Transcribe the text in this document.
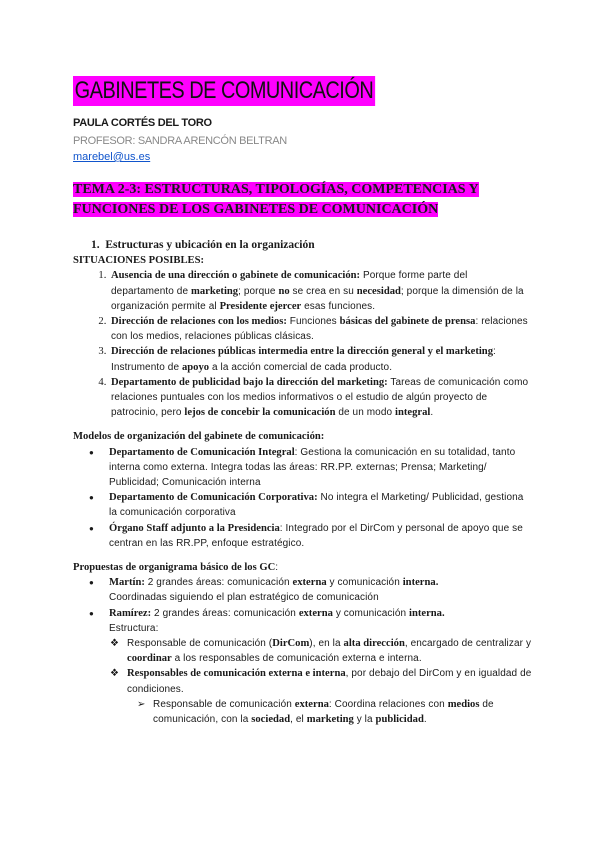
GABINETES DE COMUNICACIÓN
PAULA CORTÉS DEL TORO
PROFESOR: SANDRA ARENCÓN BELTRAN
marebel@us.es
TEMA 2-3: ESTRUCTURAS, TIPOLOGÍAS, COMPETENCIAS Y
FUNCIONES DE LOS GABINETES DE COMUNICACIÓN
1. Estructuras y ubicación en la organización
SITUACIONES POSIBLES:
1. Ausencia de una dirección o gabinete de comunicación: Porque forme parte del departamento de marketing; porque no se crea en su necesidad; porque la dimensión de la organización permite al Presidente ejercer esas funciones.
2. Dirección de relaciones con los medios: Funciones básicas del gabinete de prensa: relaciones con los medios, relaciones públicas clásicas.
3. Dirección de relaciones públicas intermedia entre la dirección general y el marketing: Instrumento de apoyo a la acción comercial de cada producto.
4. Departamento de publicidad bajo la dirección del marketing: Tareas de comunicación como relaciones puntuales con los medios informativos o el estudio de algún proyecto de patrocinio, pero lejos de concebir la comunicación de un modo integral.
Modelos de organización del gabinete de comunicación:
● Departamento de Comunicación Integral: Gestiona la comunicación en su totalidad, tanto interna como externa. Integra todas las áreas: RR.PP. externas; Prensa; Marketing/ Publicidad; Comunicación interna
● Departamento de Comunicación Corporativa: No integra el Marketing/ Publicidad, gestiona la comunicación corporativa
● Órgano Staff adjunto a la Presidencia: Integrado por el DirCom y personal de apoyo que se centran en las RR.PP, enfoque estratégico.
Propuestas de organigrama básico de los GC:
● Martín: 2 grandes áreas: comunicación externa y comunicación interna.
Coordinadas siguiendo el plan estratégico de comunicación
● Ramírez: 2 grandes áreas: comunicación externa y comunicación interna.
Estructura:
❖ Responsable de comunicación (DirCom), en la alta dirección, encargado de centralizar y coordinar a los responsables de comunicación externa e interna.
❖ Responsables de comunicación externa e interna, por debajo del DirCom y en igualdad de condiciones.
➢ Responsable de comunicación externa: Coordina relaciones con medios de comunicación, con la sociedad, el marketing y la publicidad.
